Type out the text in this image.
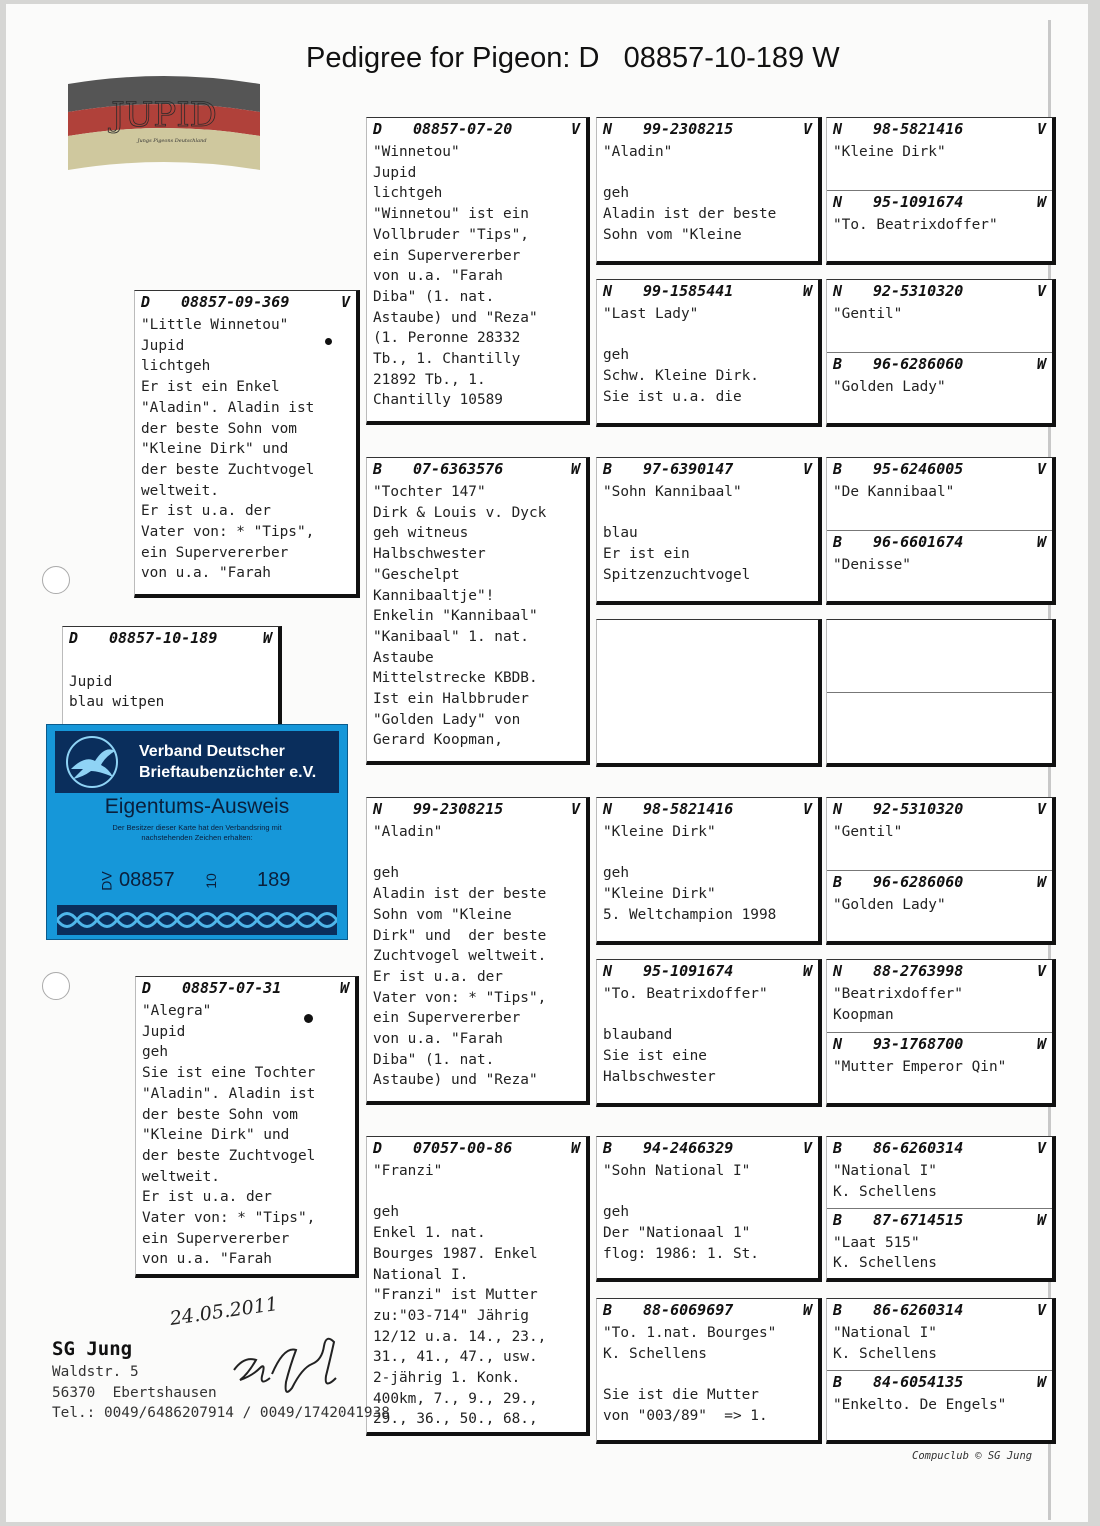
Pedigree for Pigeon: D   08857-10-189 W
JUPID
Jungs Pigeons Deutschland
D 08857-10-189	W
Jupid
blau witpen
D 08857-09-369	V
"Little Winnetou"
Jupid
lichtgeh
Er ist ein Enkel
"Aladin". Aladin ist
der beste Sohn vom
"Kleine Dirk" und
der beste Zuchtvogel
weltweit.
Er ist u.a. der
Vater von: * "Tips",
ein Supervererber
von u.a. "Farah
D 08857-07-31	W
"Alegra"
Jupid
geh
Sie ist eine Tochter
"Aladin". Aladin ist
der beste Sohn vom
"Kleine Dirk" und
der beste Zuchtvogel
weltweit.
Er ist u.a. der
Vater von: * "Tips",
ein Supervererber
von u.a. "Farah
D 08857-07-20	V
"Winnetou"
Jupid
lichtgeh
"Winnetou" ist ein
Vollbruder "Tips",
ein Supervererber
von u.a. "Farah
Diba" (1. nat.
Astaube) und "Reza"
(1. Peronne 28332
Tb., 1. Chantilly
21892 Tb., 1.
Chantilly 10589
B 07-6363576	W
"Tochter 147"
Dirk & Louis v. Dyck
geh witneus
Halbschwester
"Geschelpt
Kannibaaltje"!
Enkelin "Kannibaal"
"Kanibaal" 1. nat.
Astaube
Mittelstrecke KBDB.
Ist ein Halbbruder
"Golden Lady" von
Gerard Koopman,
N 99-2308215	V
"Aladin"
geh
Aladin ist der beste
Sohn vom "Kleine
Dirk" und  der beste
Zuchtvogel weltweit.
Er ist u.a. der
Vater von: * "Tips",
ein Supervererber
von u.a. "Farah
Diba" (1. nat.
Astaube) und "Reza"
D 07057-00-86	W
"Franzi"
geh
Enkel 1. nat.
Bourges 1987. Enkel
National I.
"Franzi" ist Mutter
zu:"03-714" Jährig
12/12 u.a. 14., 23.,
31., 41., 47., usw.
2-jährig 1. Konk.
400km, 7., 9., 29.,
29., 36., 50., 68.,
N 99-2308215	V
"Aladin"
geh
Aladin ist der beste
Sohn vom "Kleine
N 99-1585441	W
"Last Lady"
geh
Schw. Kleine Dirk.
Sie ist u.a. die
B 97-6390147	V
"Sohn Kannibaal"
blau
Er ist ein
Spitzenzuchtvogel
N 98-5821416	V
"Kleine Dirk"
geh
"Kleine Dirk"
5. Weltchampion 1998
N 95-1091674	W
"To. Beatrixdoffer"
blauband
Sie ist eine
Halbschwester
B 94-2466329	V
"Sohn National I"
geh
Der "Nationaal 1"
flog: 1986: 1. St.
B 88-6069697	W
"To. 1.nat. Bourges"
K. Schellens
Sie ist die Mutter
von "003/89"  => 1.
N 98-5821416	V
"Kleine Dirk"
N 95-1091674	W
"To. Beatrixdoffer"
N 92-5310320	V
"Gentil"
B 96-6286060	W
"Golden Lady"
B 95-6246005	V
"De Kannibaal"
B 96-6601674	W
"Denisse"
N 92-5310320	V
"Gentil"
B 96-6286060	W
"Golden Lady"
N 88-2763998	V
"Beatrixdoffer"
Koopman
N 93-1768700	W
"Mutter Emperor Qin"
B 86-6260314	V
"National I"
K. Schellens
B 87-6714515	W
"Laat 515"
K. Schellens
B 86-6260314	V
"National I"
K. Schellens
B 84-6054135	W
"Enkelto. De Engels"
Verband Deutscher
Brieftaubenzüchter e.V.
Eigentums-Ausweis
Der Besitzer dieser Karte hat den Verbandsring mit nachstehenden Zeichen erhalten:
DV 08857 10 189
SG Jung
Waldstr. 5
56370  Ebertshausen
Tel.: 0049/6486207914 / 0049/1742041938
24.05.2011
Compuclub © SG Jung
